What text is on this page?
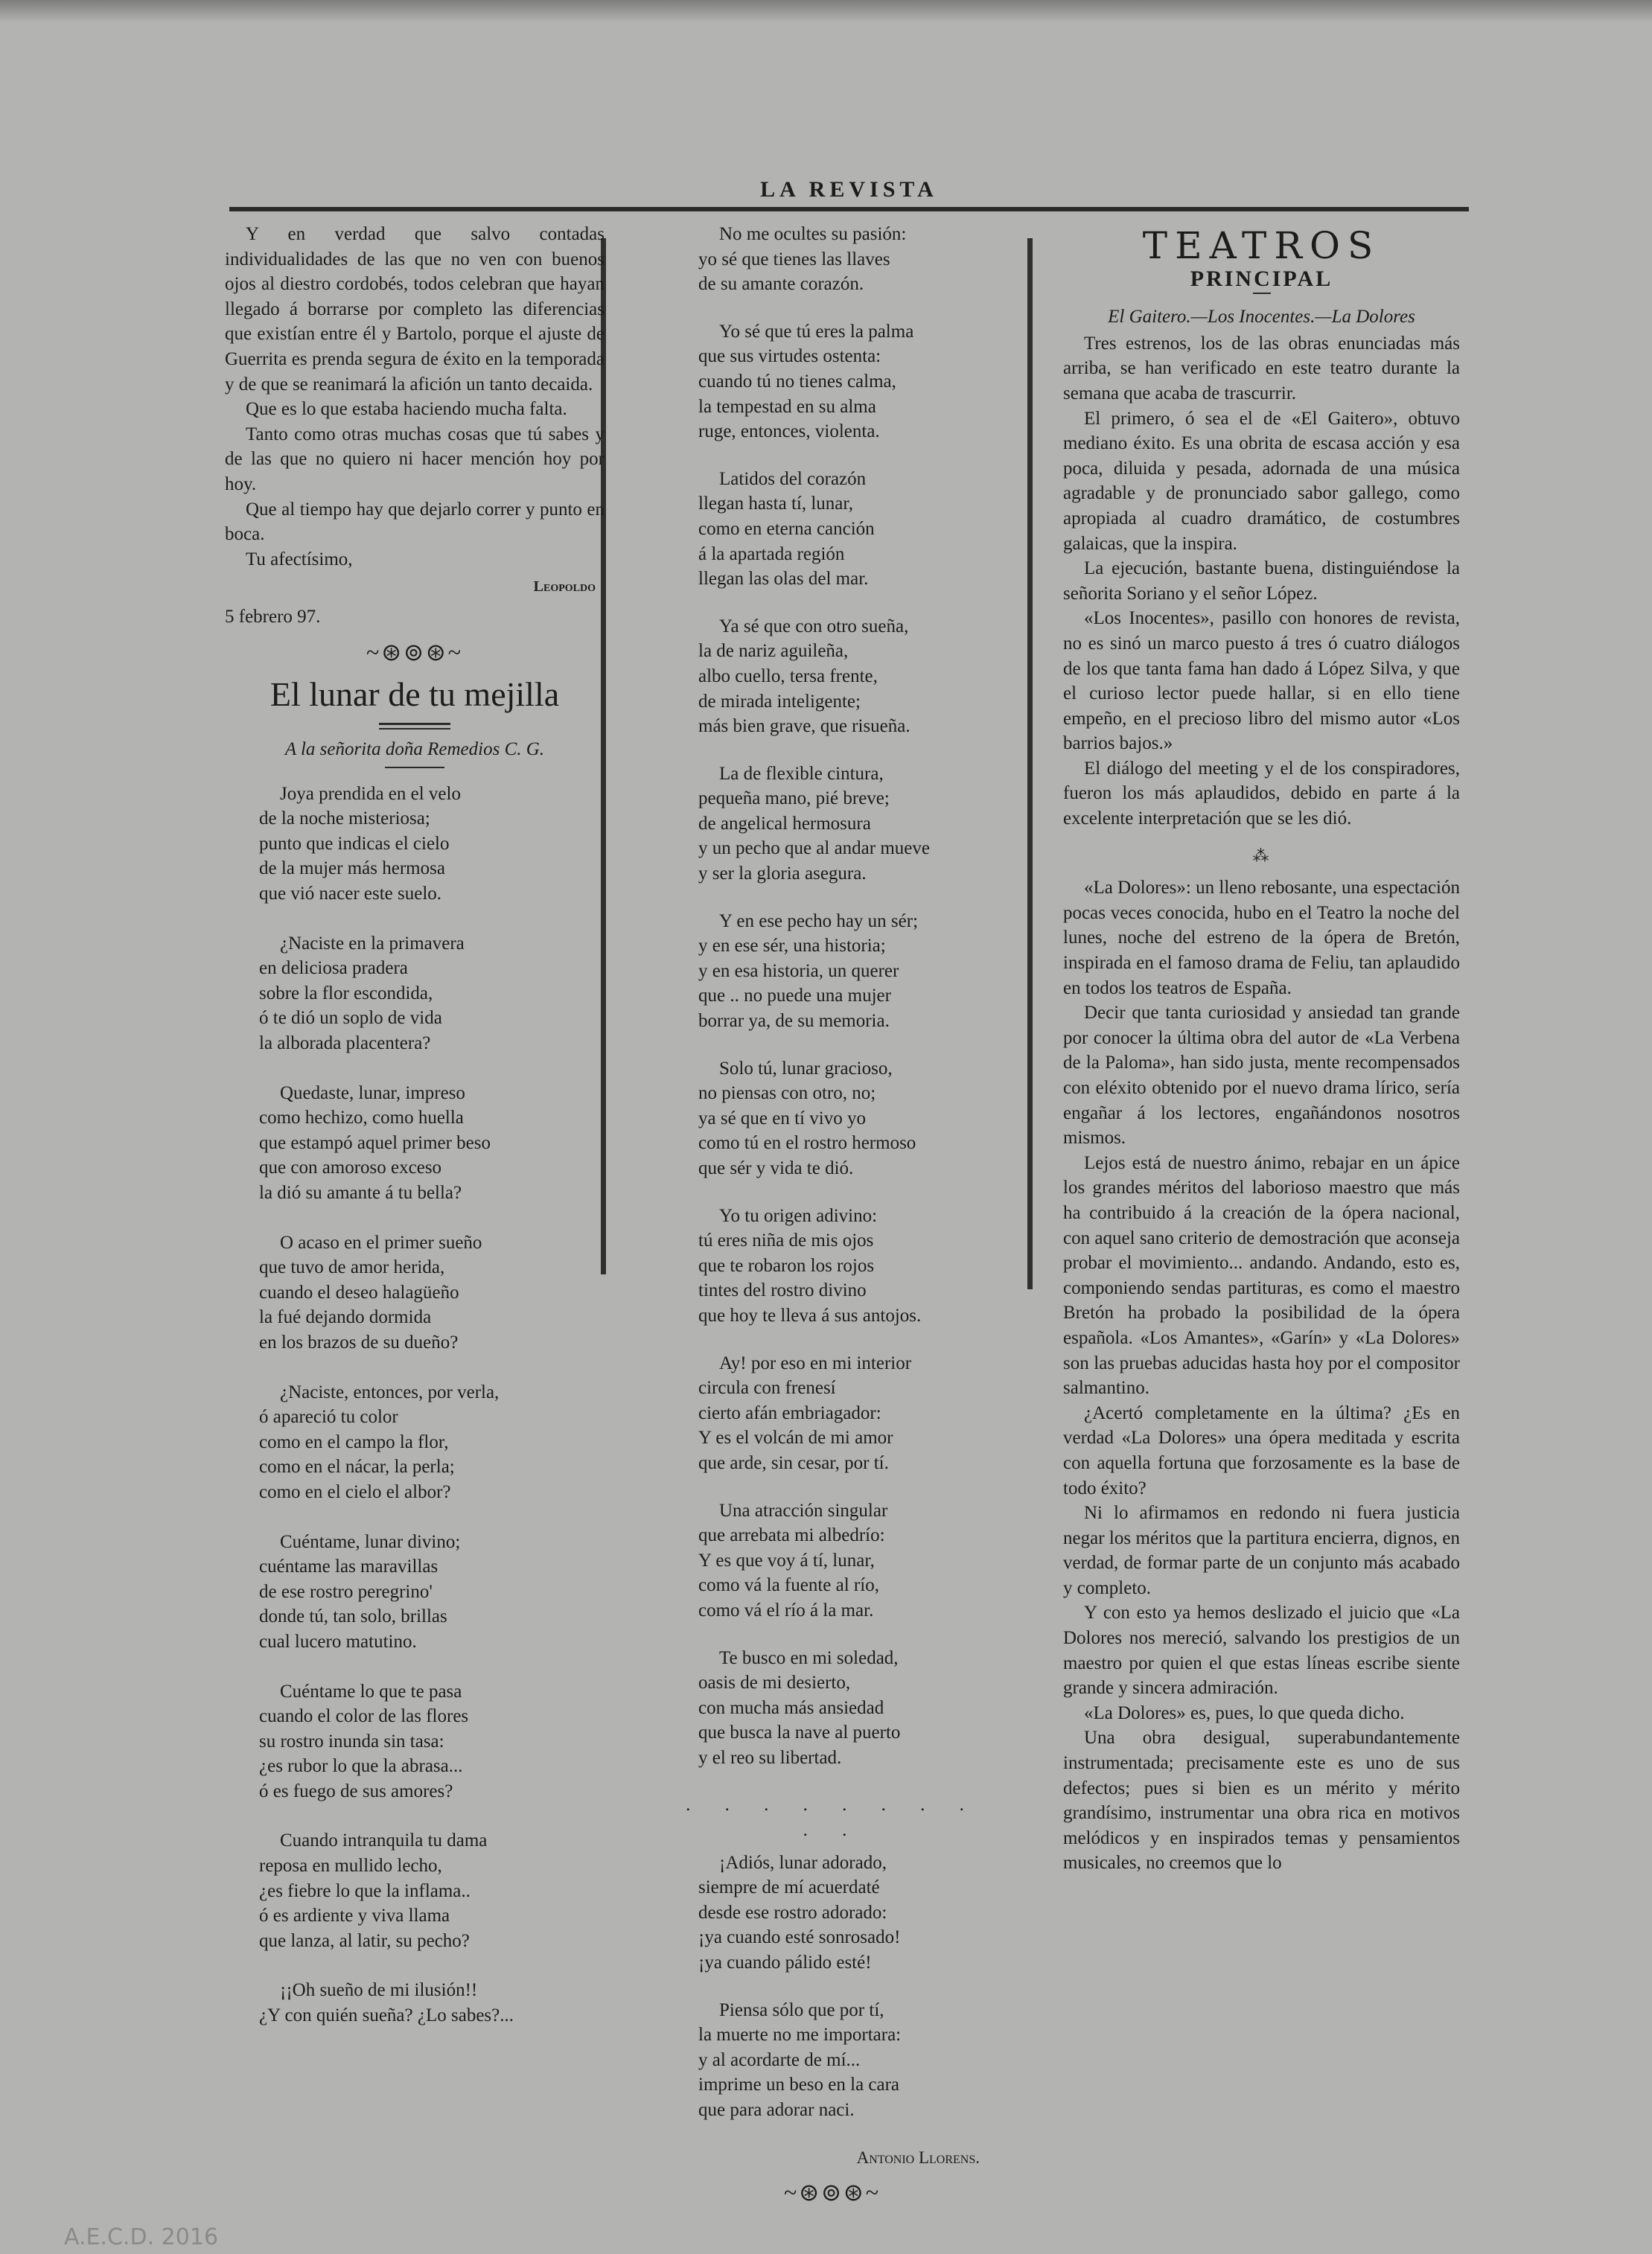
LA REVISTA

Y en verdad que salvo contadas individualidades de las que no ven con buenos ojos al diestro cordobés, todos celebran que hayan llegado á borrarse por completo las diferencias que existían entre él y Bartolo, porque el ajuste de Guerrita es prenda segura de éxito en la temporada y de que se reanimará la afición un tanto decaida.

Que es lo que estaba haciendo mucha falta.

Tanto como otras muchas cosas que tú sabes y de las que no quiero ni hacer mención hoy por hoy.

Que al tiempo hay que dejarlo correr y punto en boca.

Tu afectísimo,

Leopoldo
5 febrero 97.
~⊛⊚⊛~
El lunar de tu mejilla
A la señorita doña Remedios C. G.
Joya prendida en el velo
de la noche misteriosa;
punto que indicas el cielo
de la mujer más hermosa
que vió nacer este suelo.
¿Naciste en la primavera
en deliciosa pradera
sobre la flor escondida,
ó te dió un soplo de vida
la alborada placentera?
Quedaste, lunar, impreso
como hechizo, como huella
que estampó aquel primer beso
que con amoroso exceso
la dió su amante á tu bella?
O acaso en el primer sueño
que tuvo de amor herida,
cuando el deseo halagüeño
la fué dejando dormida
en los brazos de su dueño?
¿Naciste, entonces, por verla,
ó apareció tu color
como en el campo la flor,
como en el nácar, la perla;
como en el cielo el albor?
Cuéntame, lunar divino;
cuéntame las maravillas
de ese rostro peregrino'
donde tú, tan solo, brillas
cual lucero matutino.
Cuéntame lo que te pasa
cuando el color de las flores
su rostro inunda sin tasa:
¿es rubor lo que la abrasa...
ó es fuego de sus amores?
Cuando intranquila tu dama
reposa en mullido lecho,
¿es fiebre lo que la inflama..
ó es ardiente y viva llama
que lanza, al latir, su pecho?
¡¡Oh sueño de mi ilusión!!
¿Y con quién sueña? ¿Lo sabes?...
No me ocultes su pasión:
yo sé que tienes las llaves
de su amante corazón.
Yo sé que tú eres la palma
que sus virtudes ostenta:
cuando tú no tienes calma,
la tempestad en su alma
ruge, entonces, violenta.
Latidos del corazón
llegan hasta tí, lunar,
como en eterna canción
á la apartada región
llegan las olas del mar.
Ya sé que con otro sueña,
la de nariz aguileña,
albo cuello, tersa frente,
de mirada inteligente;
más bien grave, que risueña.
La de flexible cintura,
pequeña mano, pié breve;
de angelical hermosura
y un pecho que al andar mueve
y ser la gloria asegura.
Y en ese pecho hay un sér;
y en ese sér, una historia;
y en esa historia, un querer
que .. no puede una mujer
borrar ya, de su memoria.
Solo tú, lunar gracioso,
no piensas con otro, no;
ya sé que en tí vivo yo
como tú en el rostro hermoso
que sér y vida te dió.
Yo tu origen adivino:
tú eres niña de mis ojos
que te robaron los rojos
tintes del rostro divino
que hoy te lleva á sus antojos.
Ay! por eso en mi interior
circula con frenesí
cierto afán embriagador:
Y es el volcán de mi amor
que arde, sin cesar, por tí.
Una atracción singular
que arrebata mi albedrío:
Y es que voy á tí, lunar,
como vá la fuente al río,
como vá el río á la mar.
Te busco en mi soledad,
oasis de mi desierto,
con mucha más ansiedad
que busca la nave al puerto
y el reo su libertad.
. . . . . . . . . .
¡Adiós, lunar adorado,
siempre de mí acuerdaté
desde ese rostro adorado:
¡ya cuando esté sonrosado!
¡ya cuando pálido esté!
Piensa sólo que por tí,
la muerte no me importara:
y al acordarte de mí...
imprime un beso en la cara
que para adorar naci.
Antonio Llorens.
~⊛⊚⊛~
TEATROS
PRINCIPAL
El Gaitero.—Los Inocentes.—La Dolores

Tres estrenos, los de las obras enunciadas más arriba, se han verificado en este teatro durante la semana que acaba de trascurrir.

El primero, ó sea el de «El Gaitero», obtuvo mediano éxito. Es una obrita de escasa acción y esa poca, diluida y pesada, adornada de una música agradable y de pronunciado sabor gallego, como apropiada al cuadro dramático, de costumbres galaicas, que la inspira.

La ejecución, bastante buena, distinguiéndose la señorita Soriano y el señor López.

«Los Inocentes», pasillo con honores de revista, no es sinó un marco puesto á tres ó cuatro diálogos de los que tanta fama han dado á López Silva, y que el curioso lector puede hallar, si en ello tiene empeño, en el precioso libro del mismo autor «Los barrios bajos.»

El diálogo del meeting y el de los conspiradores, fueron los más aplaudidos, debido en parte á la excelente interpretación que se les dió.

⁂

«La Dolores»: un lleno rebosante, una espectación pocas veces conocida, hubo en el Teatro la noche del lunes, noche del estreno de la ópera de Bretón, inspirada en el famoso drama de Feliu, tan aplaudido en todos los teatros de España.

Decir que tanta curiosidad y ansiedad tan grande por conocer la última obra del autor de «La Verbena de la Paloma», han sido justa, mente recompensados con eléxito obtenido por el nuevo drama lírico, sería engañar á los lectores, engañándonos nosotros mismos.

Lejos está de nuestro ánimo, rebajar en un ápice los grandes méritos del laborioso maestro que más ha contribuido á la creación de la ópera nacional, con aquel sano criterio de demostración que aconseja probar el movimiento... andando. Andando, esto es, componiendo sendas partituras, es como el maestro Bretón ha probado la posibilidad de la ópera española. «Los Amantes», «Garín» y «La Dolores» son las pruebas aducidas hasta hoy por el compositor salmantino.

¿Acertó completamente en la última? ¿Es en verdad «La Dolores» una ópera meditada y escrita con aquella fortuna que forzosamente es la base de todo éxito?

Ni lo afirmamos en redondo ni fuera justicia negar los méritos que la partitura encierra, dignos, en verdad, de formar parte de un conjunto más acabado y completo.

Y con esto ya hemos deslizado el juicio que «La Dolores nos mereció, salvando los prestigios de un maestro por quien el que estas líneas escribe siente grande y sincera admiración.

«La Dolores» es, pues, lo que queda dicho.

Una obra desigual, superabundantemente instrumentada; precisamente este es uno de sus defectos; pues si bien es un mérito y mérito grandísimo, instrumentar una obra rica en motivos melódicos y en inspirados temas y pensamientos musicales, no creemos que lo

A.E.C.D. 2016
